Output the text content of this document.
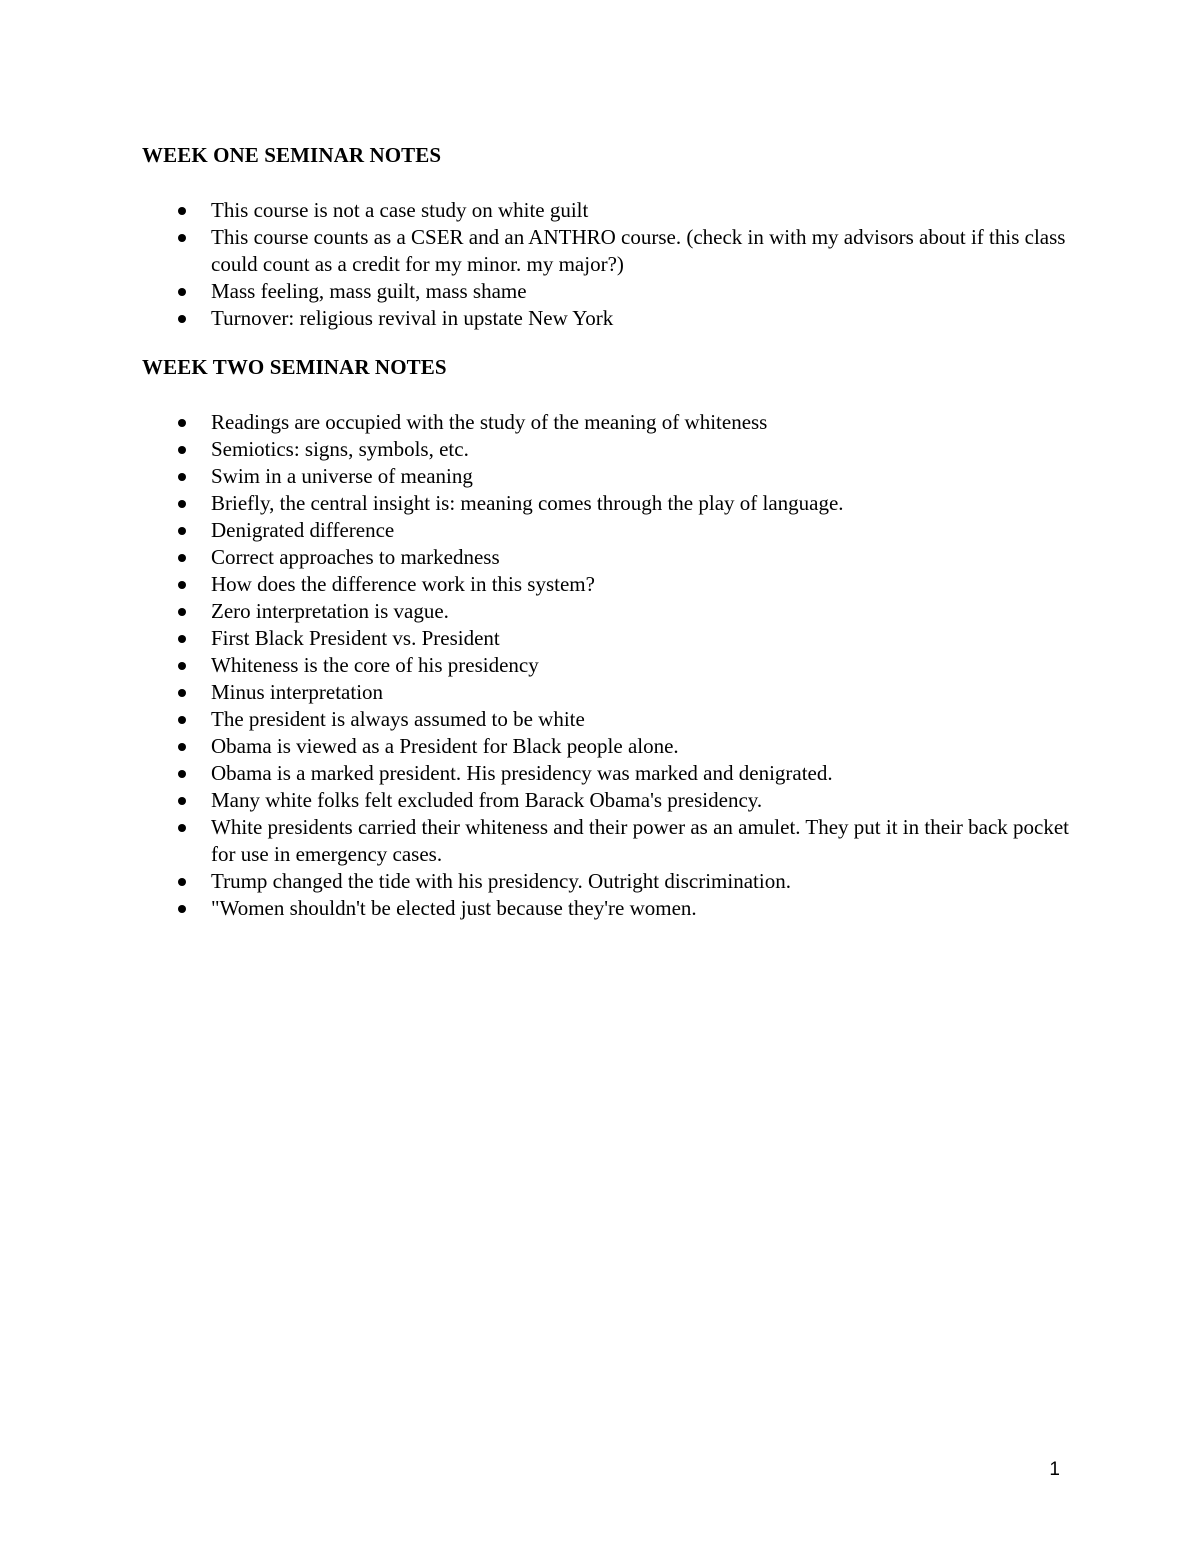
WEEK ONE SEMINAR NOTES
This course is not a case study on white guilt
This course counts as a CSER and an ANTHRO course. (check in with my advisors about if this class could count as a credit for my minor. my major?)
Mass feeling, mass guilt, mass shame
Turnover: religious revival in upstate New York
WEEK TWO SEMINAR NOTES
Readings are occupied with the study of the meaning of whiteness
Semiotics: signs, symbols, etc.
Swim in a universe of meaning
Briefly, the central insight is: meaning comes through the play of language.
Denigrated difference
Correct approaches to markedness
How does the difference work in this system?
Zero interpretation is vague.
First Black President vs. President
Whiteness is the core of his presidency
Minus interpretation
The president is always assumed to be white
Obama is viewed as a President for Black people alone.
Obama is a marked president. His presidency was marked and denigrated.
Many white folks felt excluded from Barack Obama's presidency.
White presidents carried their whiteness and their power as an amulet. They put it in their back pocket for use in emergency cases.
Trump changed the tide with his presidency. Outright discrimination.
"Women shouldn't be elected just because they're women.
1
